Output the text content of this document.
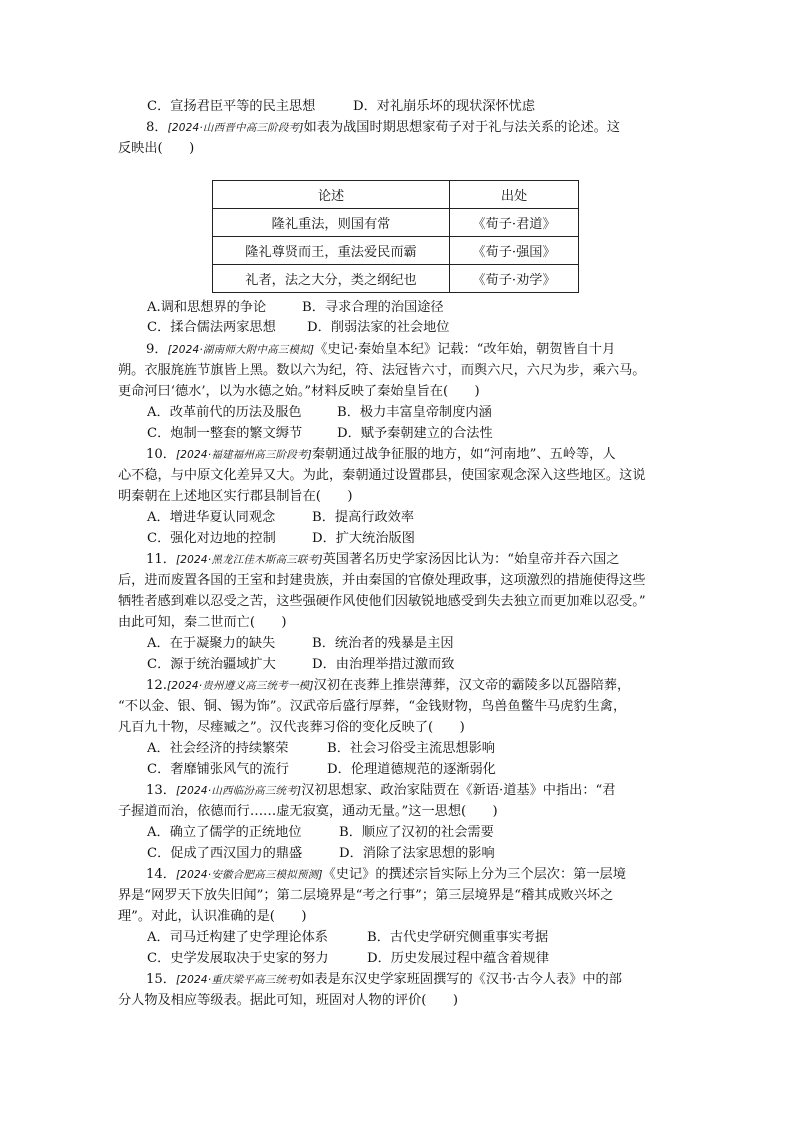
C．宣扬君臣平等的民主思想	D．对礼崩乐坏的现状深怀忧虑
8．[2024·山西晋中高三阶段考]如表为战国时期思想家荀子对于礼与法关系的论述。这
反映出(　　)
论述	出处
隆礼重法，则国有常	《荀子·君道》
隆礼尊贤而王，重法爱民而霸	《荀子·强国》
礼者，法之大分，类之纲纪也	《荀子·劝学》
A.调和思想界的争论	B．寻求合理的治国途径
C．揉合儒法两家思想 D．削弱法家的社会地位
9．[2024·湖南师大附中高三模拟]《史记·秦始皇本纪》记载：“改年始，朝贺皆自十月
朔。衣服旄旌节旗皆上黑。数以六为纪，符、法冠皆六寸，而舆六尺，六尺为步，乘六马。
更命河曰‘德水’，以为水德之始。”材料反映了秦始皇旨在(　　)
A．改革前代的历法及服色	B．极力丰富皇帝制度内涵
C．炮制一整套的繁文缛节	D．赋予秦朝建立的合法性
10．[2024·福建福州高三阶段考]秦朝通过战争征服的地方，如“河南地”、五岭等，人
心不稳，与中原文化差异又大。为此，秦朝通过设置郡县，使国家观念深入这些地区。这说
明秦朝在上述地区实行郡县制旨在(　　)
A．增进华夏认同观念	B．提高行政效率
C．强化对边地的控制	D．扩大统治版图
11．[2024·黑龙江佳木斯高三联考]英国著名历史学家汤因比认为：“始皇帝并吞六国之
后，进而废置各国的王室和封建贵族，并由秦国的官僚处理政事，这项激烈的措施使得这些
牺牲者感到难以忍受之苦，这些强硬作风使他们因敏锐地感受到失去独立而更加难以忍受。”
由此可知，秦二世而亡(　　)
A．在于凝聚力的缺失	B．统治者的残暴是主因
C．源于统治疆域扩大	D．由治理举措过激而致
12.[2024·贵州遵义高三统考一模]汉初在丧葬上推崇薄葬，汉文帝的霸陵多以瓦器陪葬，
“不以金、银、铜、锡为饰”。汉武帝后盛行厚葬，“金钱财物，鸟兽鱼鳖牛马虎豹生禽，
凡百九十物，尽瘗臧之”。汉代丧葬习俗的变化反映了(　　)
A．社会经济的持续繁荣	B．社会习俗受主流思想影响
C．奢靡铺张风气的流行	D．伦理道德规范的逐渐弱化
13．[2024·山西临汾高三统考]汉初思想家、政治家陆贾在《新语·道基》中指出：“君
子握道而治，依德而行……虚无寂寞，通动无量。”这一思想(　　)
A．确立了儒学的正统地位	B．顺应了汉初的社会需要
C．促成了西汉国力的鼎盛	D．消除了法家思想的影响
14．[2024·安徽合肥高三模拟预测]《史记》的撰述宗旨实际上分为三个层次：第一层境
界是“网罗天下放失旧闻”；第二层境界是“考之行事”；第三层境界是“稽其成败兴坏之
理”。对此，认识准确的是(　　)
A．司马迁构建了史学理论体系	B．古代史学研究侧重事实考据
C．史学发展取决于史家的努力	D．历史发展过程中蕴含着规律
15．[2024·重庆梁平高三统考]如表是东汉史学家班固撰写的《汉书·古今人表》中的部
分人物及相应等级表。据此可知，班固对人物的评价(　　)
